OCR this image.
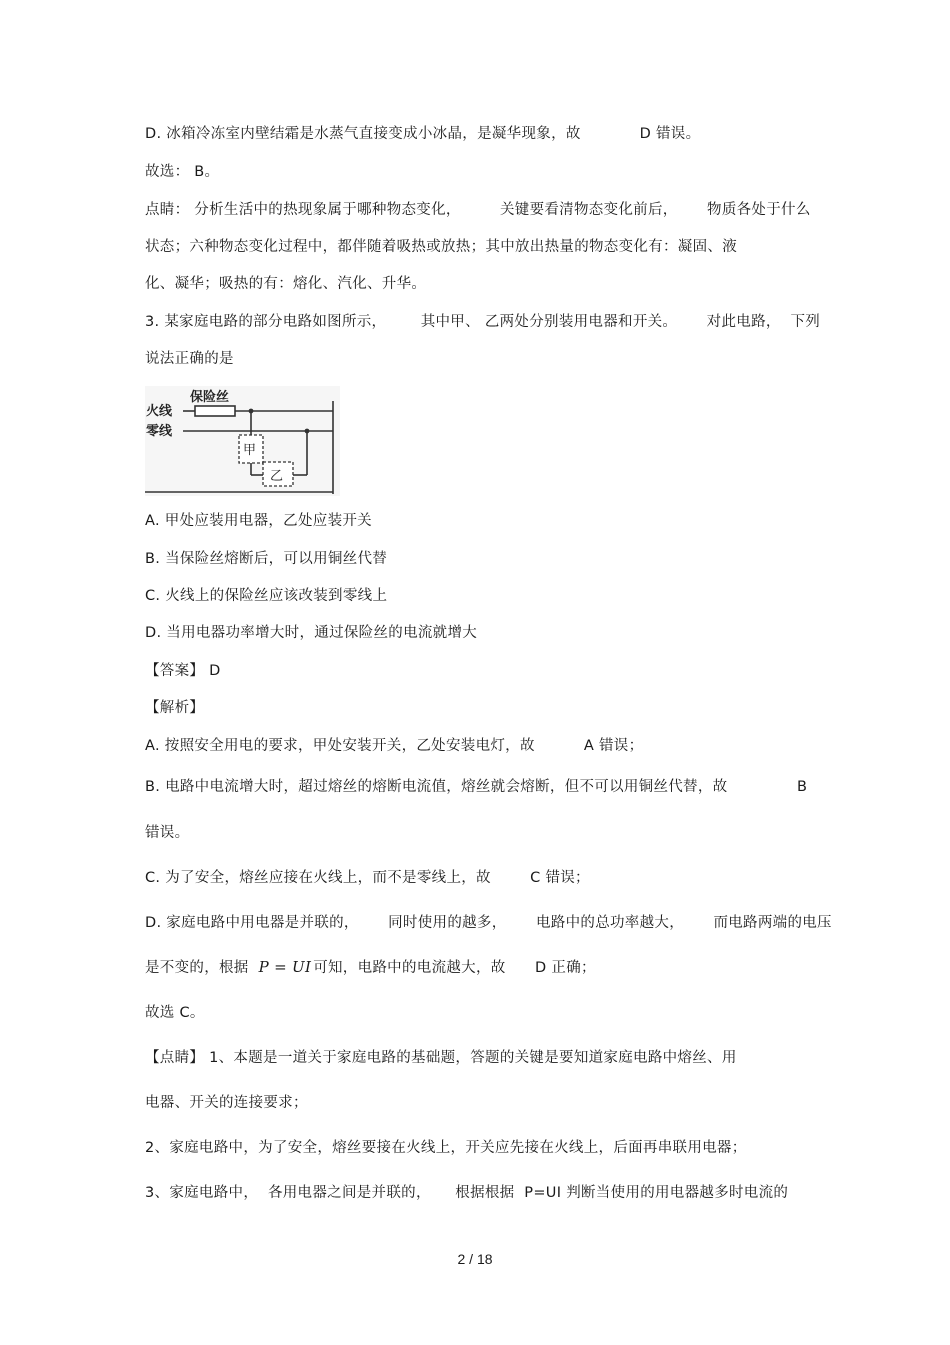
D. 冰箱冷冻室内壁结霜是水蒸气直接变成小冰晶，是凝华现象，故            D 错误。

故选： B。

点睛： 分析生活中的热现象属于哪种物态变化，        关键要看清物态变化前后，      物质各处于什么

状态；六种物态变化过程中，都伴随着吸热或放热；其中放出热量的物态变化有：凝固、液

化、凝华；吸热的有：熔化、汽化、升华。

3. 某家庭电路的部分电路如图所示，       其中甲、 乙两处分别装用电器和开关。      对此电路，  下列

说法正确的是

火线
零线
保险丝
甲
乙

A. 甲处应装用电器，乙处应装开关

B. 当保险丝熔断后，可以用铜丝代替

C. 火线上的保险丝应该改装到零线上

D. 当用电器功率增大时，通过保险丝的电流就增大

【答案】 D

【解析】

A. 按照安全用电的要求，甲处安装开关，乙处安装电灯，故          A 错误；

B. 电路中电流增大时，超过熔丝的熔断电流值，熔丝就会熔断，但不可以用铜丝代替，故	B

错误。

C. 为了安全，熔丝应接在火线上，而不是零线上，故        C 错误；

D. 家庭电路中用电器是并联的，      同时使用的越多，      电路中的总功率越大，      而电路两端的电压

是不变的，根据 P = UI 可知，电路中的电流越大，故      D 正确；

故选 C。

【点睛】 1、本题是一道关于家庭电路的基础题，答题的关键是要知道家庭电路中熔丝、用

电器、开关的连接要求；

2、家庭电路中，为了安全，熔丝要接在火线上，开关应先接在火线上，后面再串联用电器；

3、家庭电路中，  各用电器之间是并联的，     根据根据  P=UI 判断当使用的用电器越多时电流的

2 / 18
